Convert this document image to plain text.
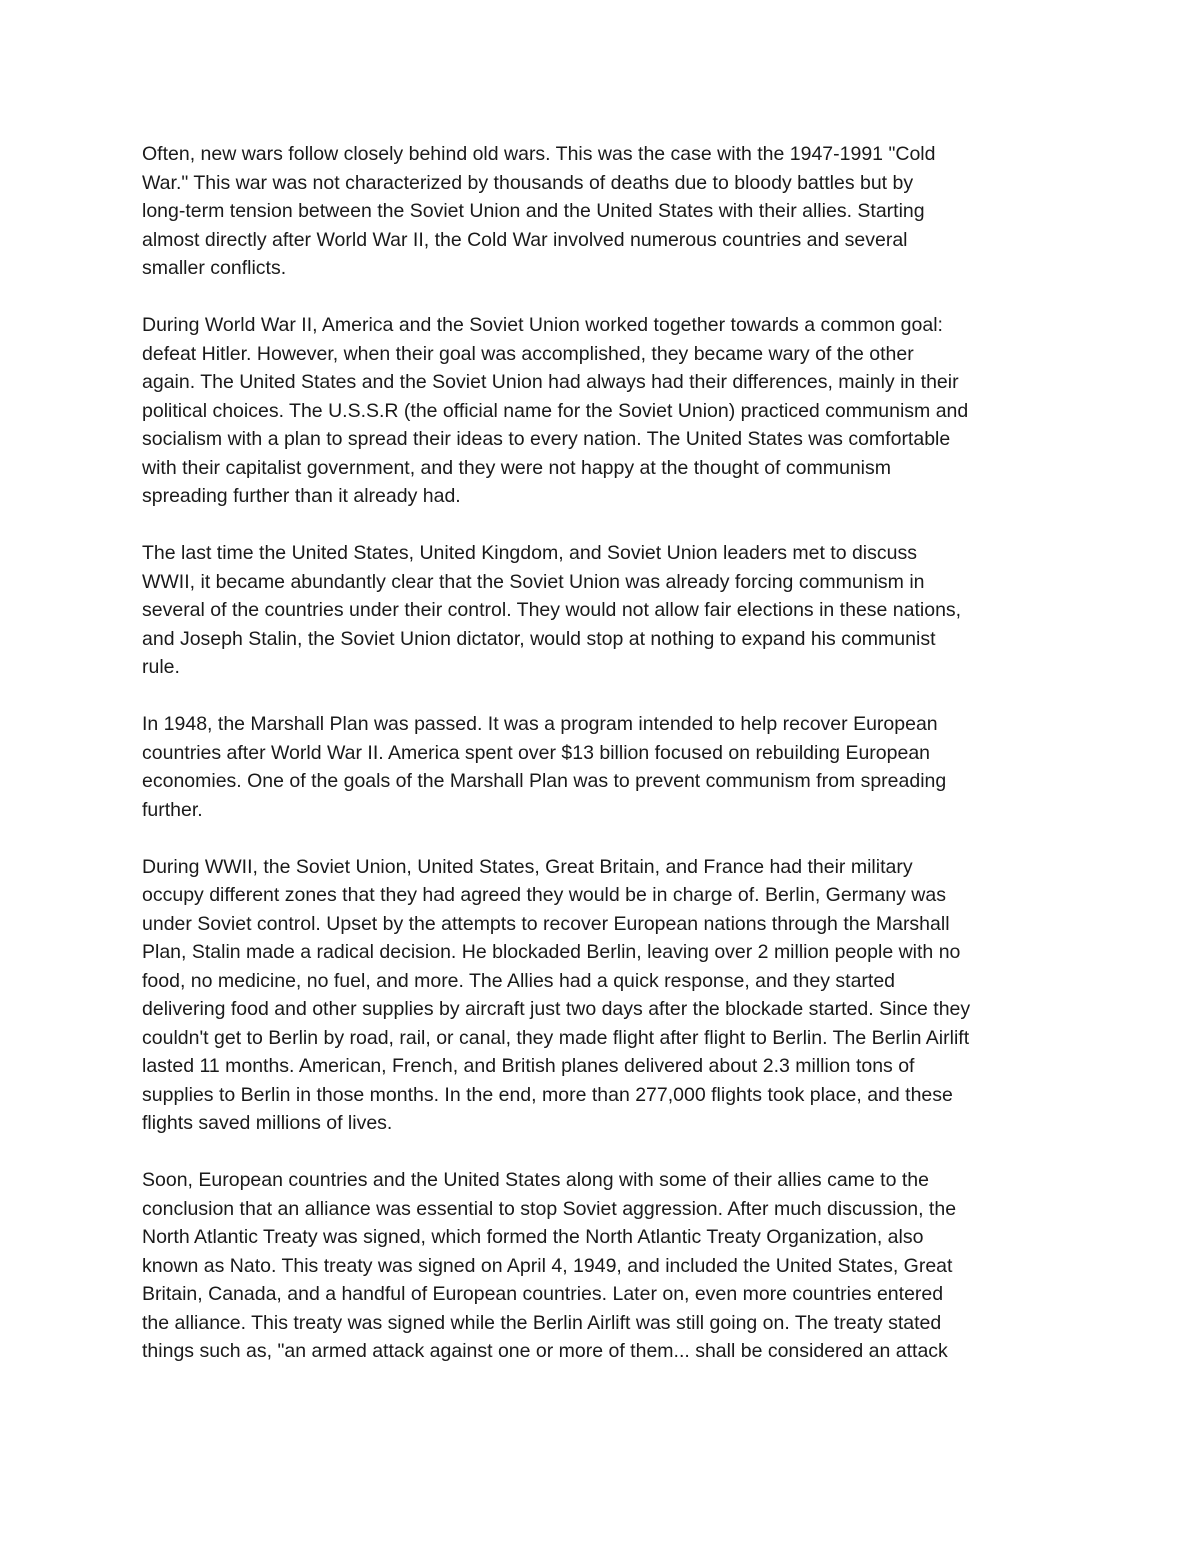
Often, new wars follow closely behind old wars. This was the case with the 1947-1991 "Cold
War." This war was not characterized by thousands of deaths due to bloody battles but by
long-term tension between the Soviet Union and the United States with their allies. Starting
almost directly after World War II, the Cold War involved numerous countries and several
smaller conflicts.

During World War II, America and the Soviet Union worked together towards a common goal:
defeat Hitler. However, when their goal was accomplished, they became wary of the other
again. The United States and the Soviet Union had always had their differences, mainly in their
political choices. The U.S.S.R (the official name for the Soviet Union) practiced communism and
socialism with a plan to spread their ideas to every nation. The United States was comfortable
with their capitalist government, and they were not happy at the thought of communism
spreading further than it already had.

The last time the United States, United Kingdom, and Soviet Union leaders met to discuss
WWII, it became abundantly clear that the Soviet Union was already forcing communism in
several of the countries under their control. They would not allow fair elections in these nations,
and Joseph Stalin, the Soviet Union dictator, would stop at nothing to expand his communist
rule.

In 1948, the Marshall Plan was passed. It was a program intended to help recover European
countries after World War II. America spent over $13 billion focused on rebuilding European
economies. One of the goals of the Marshall Plan was to prevent communism from spreading
further.

During WWII, the Soviet Union, United States, Great Britain, and France had their military
occupy different zones that they had agreed they would be in charge of. Berlin, Germany was
under Soviet control. Upset by the attempts to recover European nations through the Marshall
Plan, Stalin made a radical decision. He blockaded Berlin, leaving over 2 million people with no
food, no medicine, no fuel, and more. The Allies had a quick response, and they started
delivering food and other supplies by aircraft just two days after the blockade started. Since they
couldn't get to Berlin by road, rail, or canal, they made flight after flight to Berlin. The Berlin Airlift
lasted 11 months. American, French, and British planes delivered about 2.3 million tons of
supplies to Berlin in those months. In the end, more than 277,000 flights took place, and these
flights saved millions of lives.

Soon, European countries and the United States along with some of their allies came to the
conclusion that an alliance was essential to stop Soviet aggression. After much discussion, the
North Atlantic Treaty was signed, which formed the North Atlantic Treaty Organization, also
known as Nato. This treaty was signed on April 4, 1949, and included the United States, Great
Britain, Canada, and a handful of European countries. Later on, even more countries entered
the alliance. This treaty was signed while the Berlin Airlift was still going on. The treaty stated
things such as, "an armed attack against one or more of them... shall be considered an attack
